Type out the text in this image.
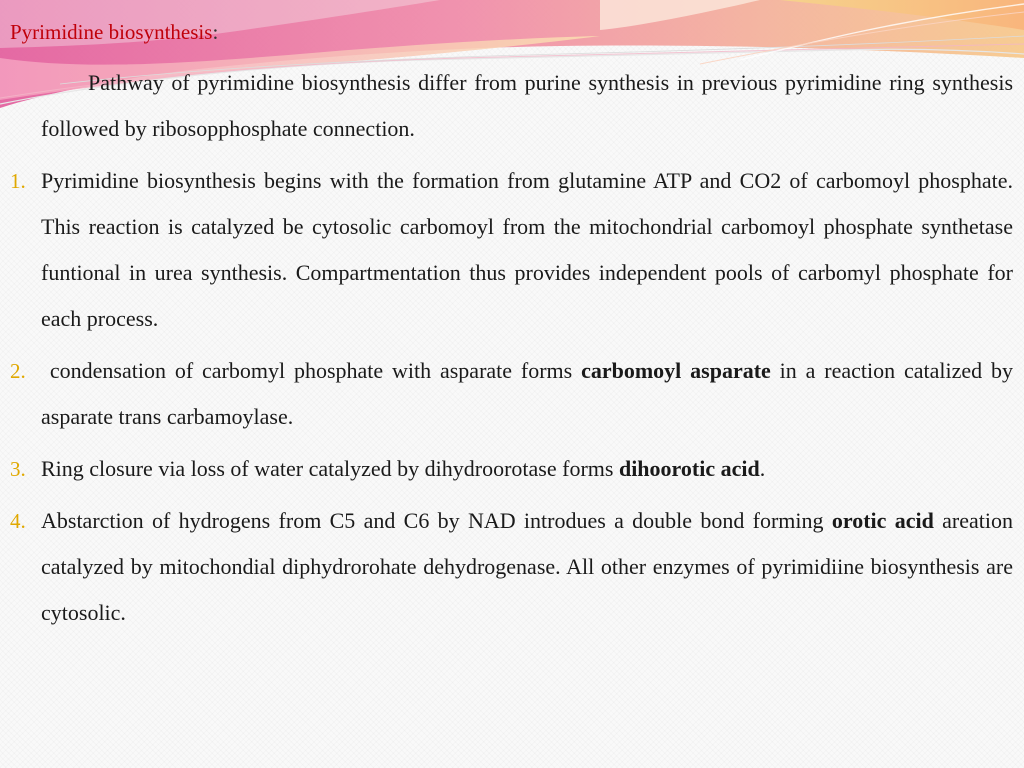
Pyrimidine biosynthesis:

Pathway of pyrimidine biosynthesis differ from purine synthesis in previous pyrimidine ring synthesis followed by ribosopphosphate connection.

1. Pyrimidine biosynthesis begins with the formation from glutamine ATP and CO2 of carbomoyl phosphate. This reaction is catalyzed be cytosolic carbomoyl from the mitochondrial carbomoyl phosphate synthetase funtional in urea synthesis. Compartmentation thus provides independent pools of carbomyl phosphate for each process.

2.	condensation of carbomyl phosphate with asparate forms carbomoyl asparate in a reaction catalized by asparate trans carbamoylase.

3. Ring closure via loss of water catalyzed by dihydroorotase forms dihoorotic acid.

4. Abstarction of hydrogens from C5 and C6 by NAD introdues a double bond forming orotic acid areation catalyzed by mitochondial diphydrorohate dehydrogenase. All other enzymes of pyrimidiine biosynthesis are cytosolic.
